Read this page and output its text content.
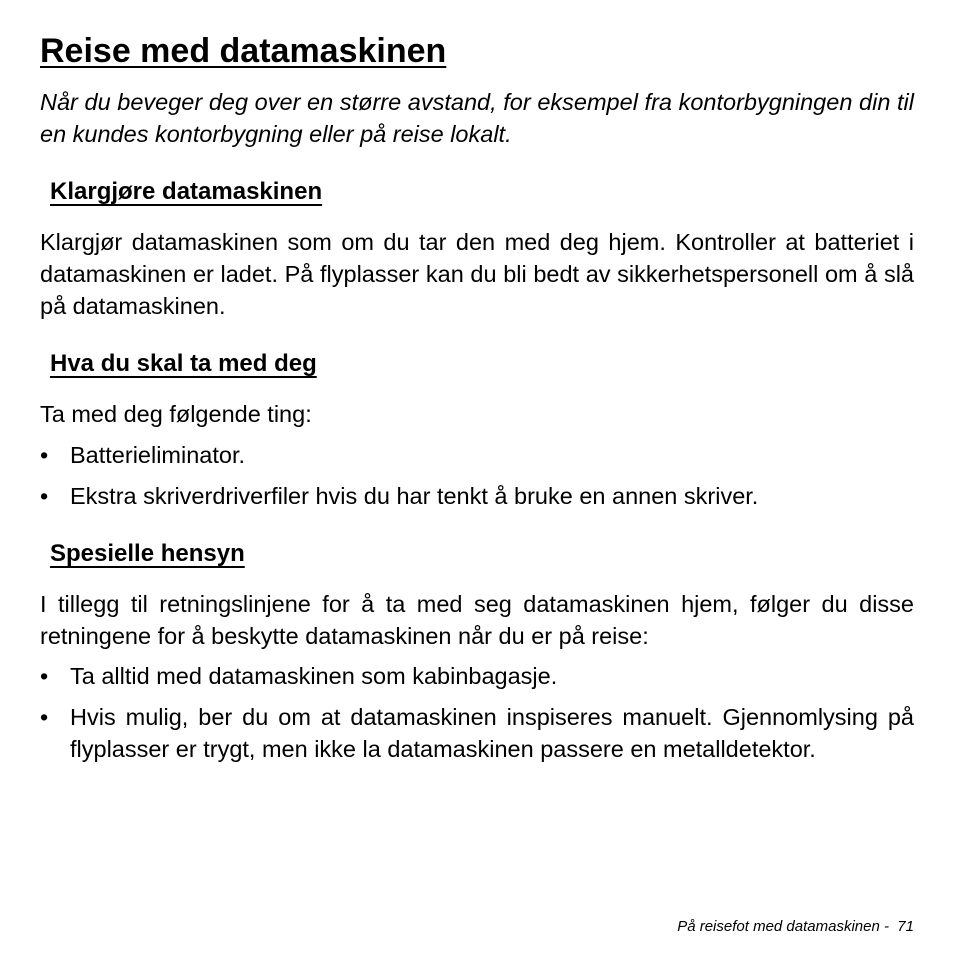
Reise med datamaskinen

Når du beveger deg over en større avstand, for eksempel fra kontorbygningen din til en kundes kontorbygning eller på reise lokalt.

Klargjøre datamaskinen

Klargjør datamaskinen som om du tar den med deg hjem. Kontroller at batteriet i datamaskinen er ladet. På flyplasser kan du bli bedt av sikkerhetspersonell om å slå på datamaskinen.

Hva du skal ta med deg

Ta med deg følgende ting:

• Batterieliminator.
• Ekstra skriverdriverfiler hvis du har tenkt å bruke en annen skriver.
Spesielle hensyn

I tillegg til retningslinjene for å ta med seg datamaskinen hjem, følger du disse retningene for å beskytte datamaskinen når du er på reise:

• Ta alltid med datamaskinen som kabinbagasje.
• Hvis mulig, ber du om at datamaskinen inspiseres manuelt. Gjennomlysing på flyplasser er trygt, men ikke la datamaskinen passere en metalldetektor.
På reisefot med datamaskinen -  71
